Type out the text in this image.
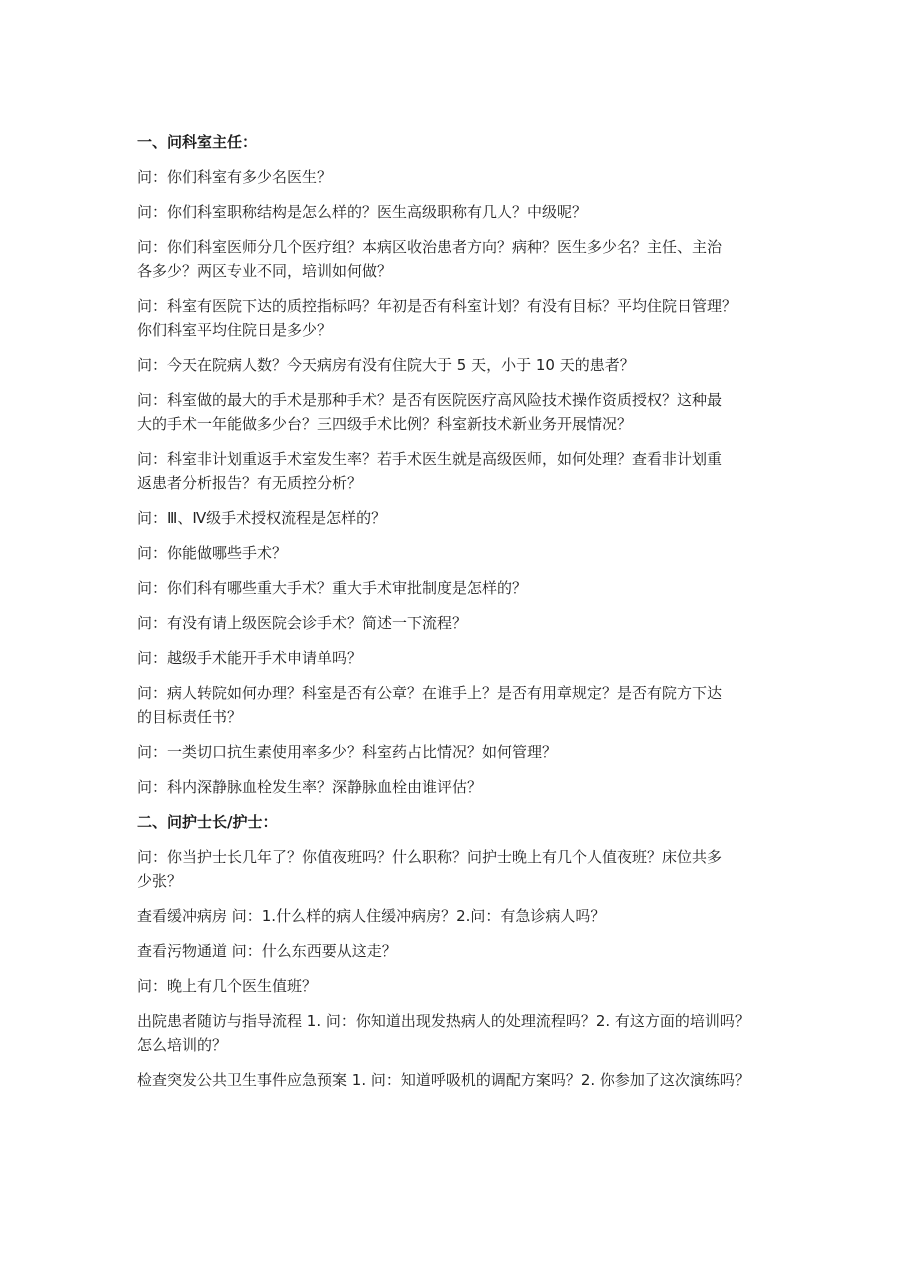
一、问科室主任：

问：你们科室有多少名医生？

问：你们科室职称结构是怎么样的？医生高级职称有几人？中级呢？

问：你们科室医师分几个医疗组？本病区收治患者方向？病种？医生多少名？主任、主治
各多少？两区专业不同，培训如何做？

问：科室有医院下达的质控指标吗？年初是否有科室计划？有没有目标？平均住院日管理？
你们科室平均住院日是多少？

问：今天在院病人数？今天病房有没有住院大于 5 天，小于 10 天的患者？

问：科室做的最大的手术是那种手术？是否有医院医疗高风险技术操作资质授权？这种最
大的手术一年能做多少台？三四级手术比例？科室新技术新业务开展情况？

问：科室非计划重返手术室发生率？若手术医生就是高级医师，如何处理？查看非计划重
返患者分析报告？有无质控分析？

问：Ⅲ、Ⅳ级手术授权流程是怎样的？

问：你能做哪些手术？

问：你们科有哪些重大手术？重大手术审批制度是怎样的？

问：有没有请上级医院会诊手术？简述一下流程？

问：越级手术能开手术申请单吗？

问：病人转院如何办理？科室是否有公章？在谁手上？是否有用章规定？是否有院方下达
的目标责任书？

问：一类切口抗生素使用率多少？科室药占比情况？如何管理？

问：科内深静脉血栓发生率？深静脉血栓由谁评估？

二、问护士长/护士：

问：你当护士长几年了？你值夜班吗？什么职称？问护士晚上有几个人值夜班？床位共多
少张？

查看缓冲病房 问：1.什么样的病人住缓冲病房？2.问：有急诊病人吗？

查看污物通道 问：什么东西要从这走？

问：晚上有几个医生值班？

出院患者随访与指导流程 1. 问：你知道出现发热病人的处理流程吗？2. 有这方面的培训吗？
怎么培训的？

检查突发公共卫生事件应急预案 1. 问：知道呼吸机的调配方案吗？2. 你参加了这次演练吗？
